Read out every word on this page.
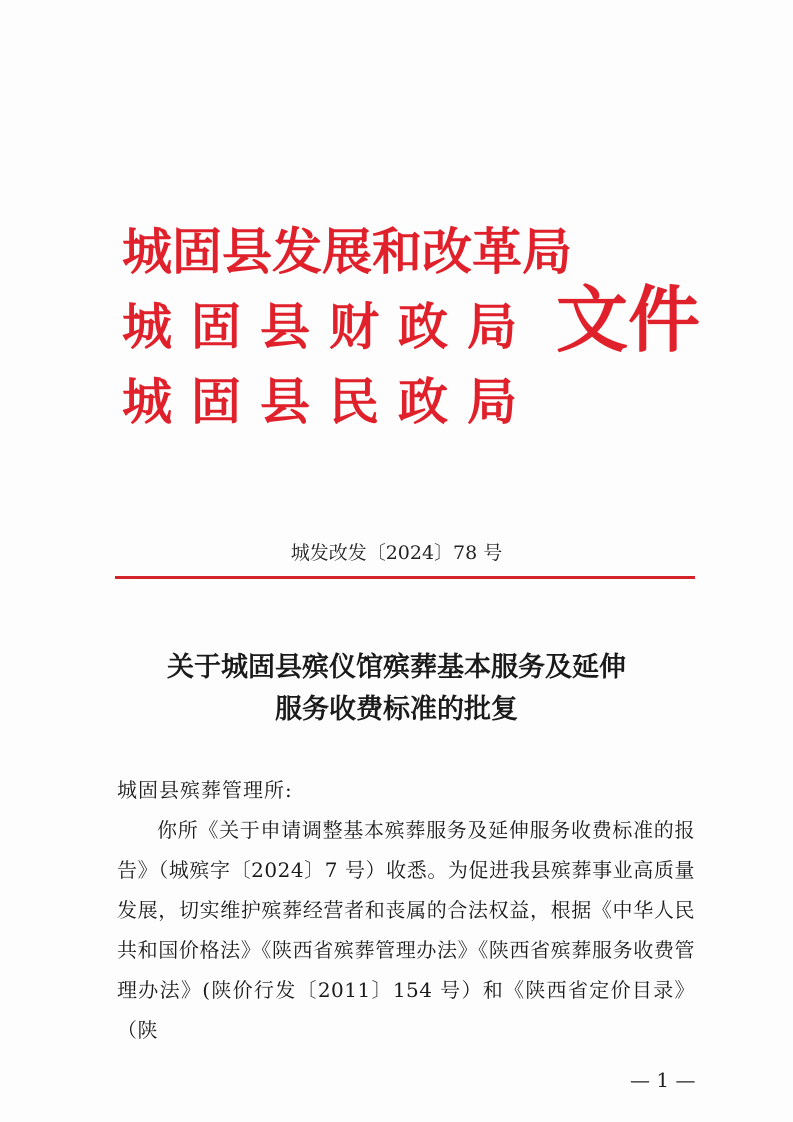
城固县发展和改革局
城固县财政局
城固县民政局
文件
城发改发〔2024〕78 号
关于城固县殡仪馆殡葬基本服务及延伸
服务收费标准的批复
城固县殡葬管理所:

你所《关于申请调整基本殡葬服务及延伸服务收费标准的报告》（城殡字〔2024〕7 号）收悉。为促进我县殡葬事业高质量发展，切实维护殡葬经营者和丧属的合法权益，根据《中华人民共和国价格法》《陕西省殡葬管理办法》《陕西省殡葬服务收费管理办法》(陕价行发〔2011〕154 号）和《陕西省定价目录》（陕

— 1 —
